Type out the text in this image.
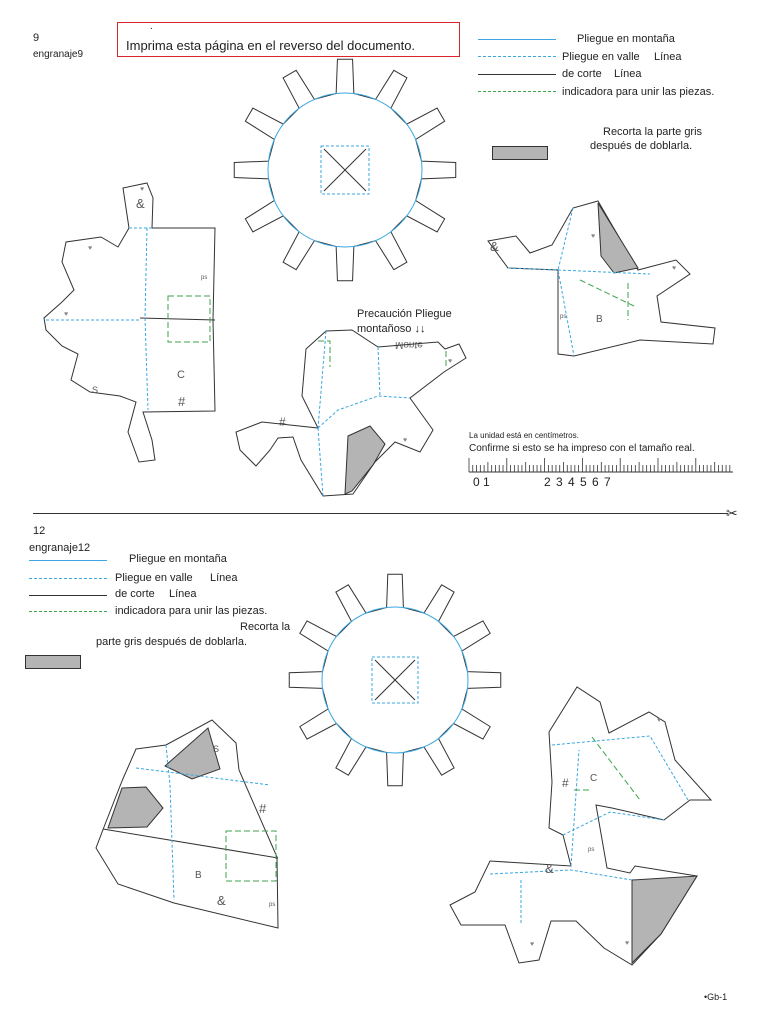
9
engranaje9
.
Imprima esta página en el reverso del documento.	Pliegue en montaña
Pliegue en valle Línea
de corte Línea
indicadora para unir las piezas.
Recorta la parte gris
después de doblarla.
Precaución Pliegue
montañoso ↓↓
Monte
La unidad está en centímetros.
Confirme si esto se ha impreso con el tamaño real.
0 1	2 3 4 5 6 7
✂
12
engranaje12
Pliegue en montaña
Pliegue en valle Línea
de corte Línea
indicadora para unir las piezas.
Recorta la
parte gris después de doblarla.
•Gb-1
&
ps
C
S
#
#
&
ps	B
S
#
B
&	ps
C
#
ps
&
♥
♥
♥
♥
♥
♥
♥
♥	♥
♥
